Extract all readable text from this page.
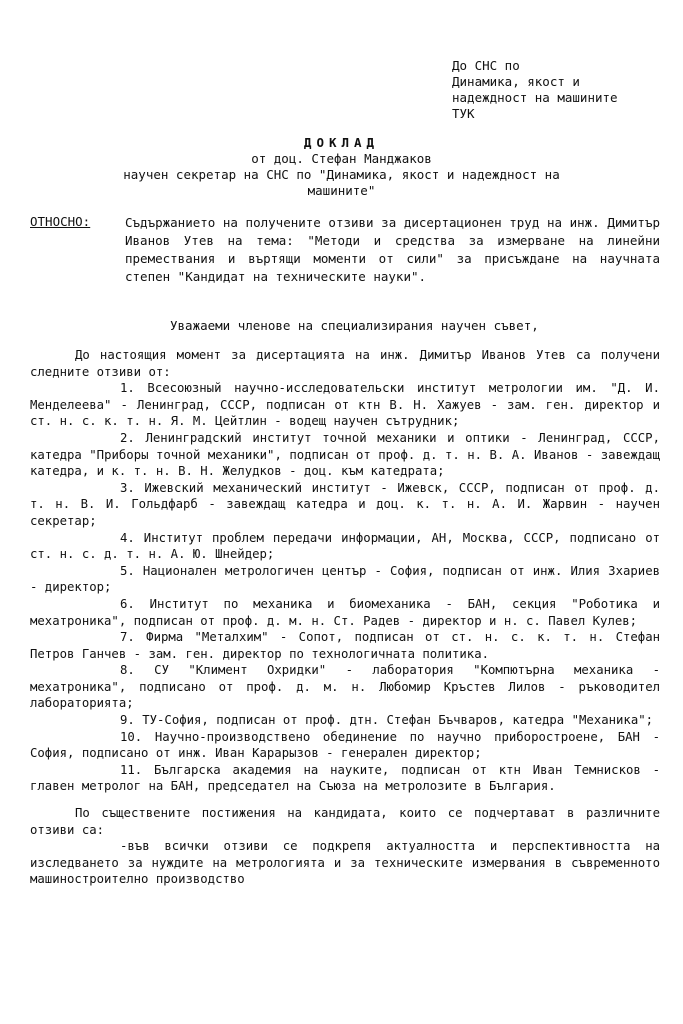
До СНС по
Динамика, якост и
надеждност на машините
ТУК
ДОКЛАД
от доц. Стефан Манджаков
научен секретар на СНС по "Динамика, якост и надеждност на
машините"
ОТНОСНО:	Съдържанието на получените отзиви за дисертационен труд на инж. Димитър Иванов Утев на тема: "Методи и средства за измерване на линейни премествания и въртящи моменти от сили" за присъждане на научната степен "Кандидат на техническите науки".
Уважаеми членове на специализирания научен съвет,

До настоящия момент за дисертацията на инж. Димитър Иванов Утев са получени следните отзиви от:

1. Всесоюзный научно-исследовательски институт метрологии им. "Д. И. Менделеева" - Ленинград, СССР, подписан от ктн В. Н. Хажуев - зам. ген. директор и ст. н. с. к. т. н. Я. М. Цейтлин - водещ научен сътрудник;

2. Ленинградский институт точной механики и оптики - Ленинград, СССР, катедра "Приборы точной механики", подписан от проф. д. т. н. В. А. Иванов - завеждащ катедра, и к. т. н. В. Н. Желудков - доц. към катедрата;

3. Ижевский механический институт - Ижевск, СССР, подписан от проф. д. т. н. В. И. Гольдфарб - завеждащ катедра и доц. к. т. н. А. И. Жарвин - научен секретар;

4. Институт проблем передачи информации, АН, Москва, СССР, подписано от ст. н. с. д. т. н. А. Ю. Шнейдер;

5. Национален метрологичен център - София, подписан от инж. Илия Зхариев - директор;

6. Институт по механика и биомеханика - БАН, секция "Роботика и мехатроника", подписан от проф. д. м. н. Ст. Радев - директор и н. с. Павел Кулев;

7. Фирма "Металхим" - Сопот, подписан от ст. н. с. к. т. н. Стефан Петров Ганчев - зам. ген. директор по технологичната политика.

8. СУ "Климент Охридки" - лаборатория "Компютърна механика - мехатроника", подписано от проф. д. м. н. Любомир Кръстев Лилов - ръководител лабораторията;

9. ТУ-София, подписан от проф. дтн. Стефан Бъчваров, катедра "Механика";

10. Научно-производствено обединение по научно приборостроене, БАН - София, подписано от инж. Иван Карарызов - генерален директор;

11. Българска академия на науките, подписан от ктн Иван Темнисков - главен метролог на БАН, председател на Съюза на метролозите в България.

По съществените постижения на кандидата, които се подчертават в различните отзиви са:

-във всички отзиви се подкрепя актуалността и перспективността на изследването за нуждите на метрологията и за техническите измервания в съвременното машиностроително производство
